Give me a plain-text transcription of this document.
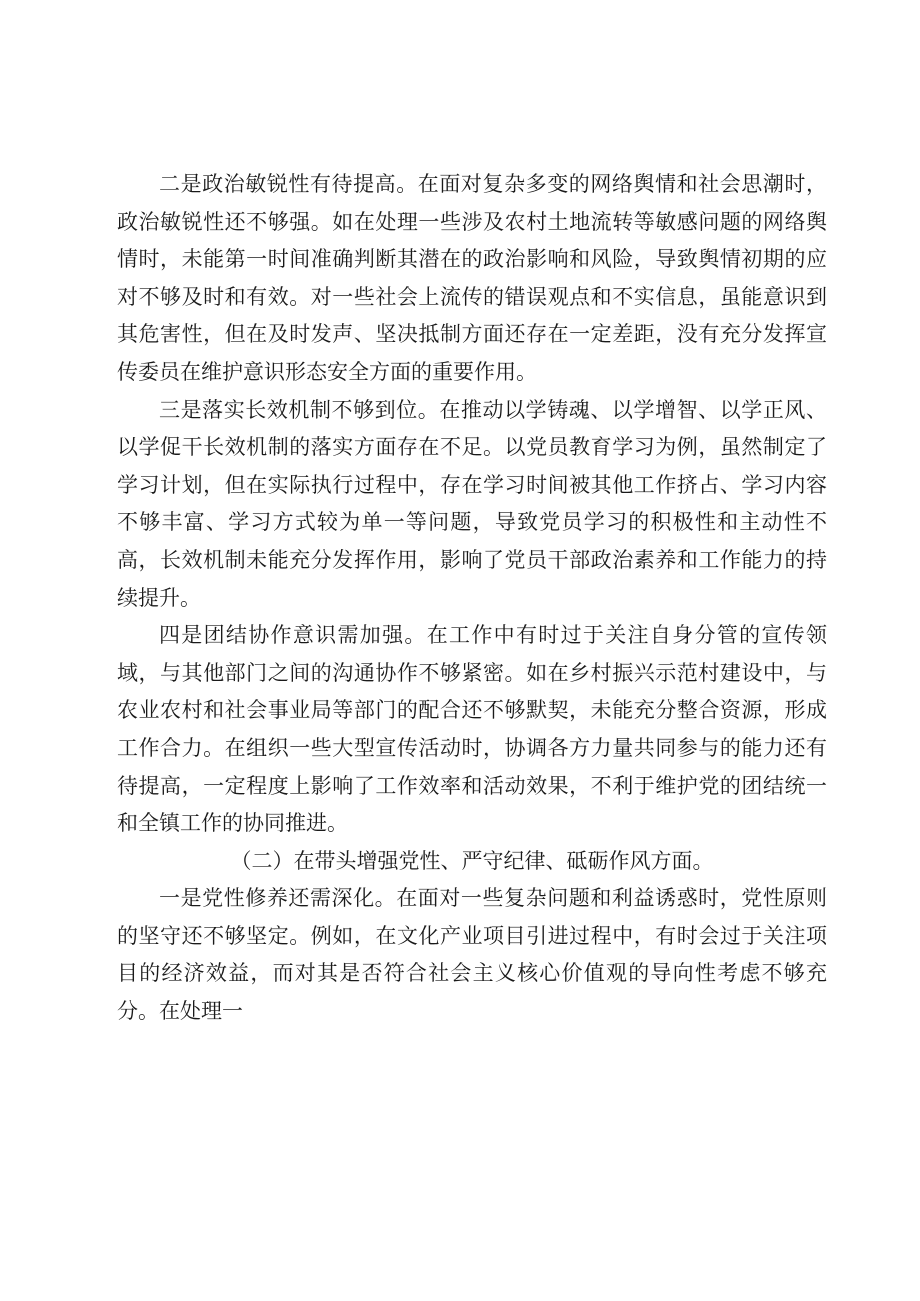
二是政治敏锐性有待提高。在面对复杂多变的网络舆情和社会思潮时，政治敏锐性还不够强。如在处理一些涉及农村土地流转等敏感问题的网络舆情时，未能第一时间准确判断其潜在的政治影响和风险，导致舆情初期的应对不够及时和有效。对一些社会上流传的错误观点和不实信息，虽能意识到其危害性，但在及时发声、坚决抵制方面还存在一定差距，没有充分发挥宣传委员在维护意识形态安全方面的重要作用。

三是落实长效机制不够到位。在推动以学铸魂、以学增智、以学正风、以学促干长效机制的落实方面存在不足。以党员教育学习为例，虽然制定了学习计划，但在实际执行过程中，存在学习时间被其他工作挤占、学习内容不够丰富、学习方式较为单一等问题，导致党员学习的积极性和主动性不高，长效机制未能充分发挥作用，影响了党员干部政治素养和工作能力的持续提升。

四是团结协作意识需加强。在工作中有时过于关注自身分管的宣传领域，与其他部门之间的沟通协作不够紧密。如在乡村振兴示范村建设中，与农业农村和社会事业局等部门的配合还不够默契，未能充分整合资源，形成工作合力。在组织一些大型宣传活动时，协调各方力量共同参与的能力还有待提高，一定程度上影响了工作效率和活动效果，不利于维护党的团结统一和全镇工作的协同推进。

（二）在带头增强党性、严守纪律、砥砺作风方面。

一是党性修养还需深化。在面对一些复杂问题和利益诱惑时，党性原则的坚守还不够坚定。例如，在文化产业项目引进过程中，有时会过于关注项目的经济效益，而对其是否符合社会主义核心价值观的导向性考虑不够充分。在处理一
